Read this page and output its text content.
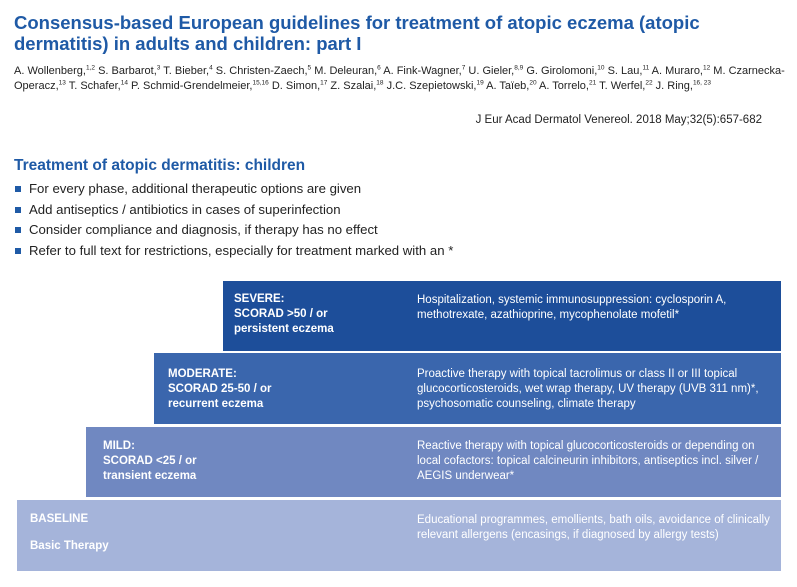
Consensus-based European guidelines for treatment of atopic eczema (atopic dermatitis) in adults and children: part I
A. Wollenberg,$^{1,2}$ S. Barbarot,$^3$ T. Bieber,$^4$ S. Christen-Zaech,$^5$ M. Deleuran,$^6$ A. Fink-Wagner,$^7$ U. Gieler,$^{8,9}$ G. Girolomoni,$^{10}$ S. Lau,$^{11}$ A. Muraro,$^{12}$ M. Czarnecka-Operacz,$^{13}$ T. Schafer,$^{14}$ P. Schmid-Grendelmeier,$^{15,16}$ D. Simon,$^{17}$ Z. Szalai,$^{18}$ J.C. Szepietowski,$^{19}$ A. Taïeb,$^{20}$ A. Torrelo,$^{21}$ T. Werfel,$^{22}$ J. Ring,$^{16, 23}$
J Eur Acad Dermatol Venereol. 2018 May;32(5):657-682
Treatment of atopic dermatitis: children
For every phase, additional therapeutic options are given
Add antiseptics / antibiotics in cases of superinfection
Consider compliance and diagnosis, if therapy has no effect
Refer to full text for restrictions, especially for treatment marked with an *
SEVERE:
SCORAD >50 / or
persistent eczema
Hospitalization, systemic immunosuppression: cyclosporin A, methotrexate, azathioprine, mycophenolate mofetil*
MODERATE:
SCORAD 25-50 / or
recurrent eczema
Proactive therapy with topical tacrolimus or class II or III topical glucocorticosteroids, wet wrap therapy, UV therapy (UVB 311 nm)*, psychosomatic counseling, climate therapy
MILD:
SCORAD <25 / or
transient eczema
Reactive therapy with topical glucocorticosteroids or depending on local cofactors: topical calcineurin inhibitors, antiseptics incl. silver / AEGIS underwear*
BASELINE
Basic Therapy
Educational programmes, emollients, bath oils, avoidance of clinically relevant allergens (encasings, if diagnosed by allergy tests)
